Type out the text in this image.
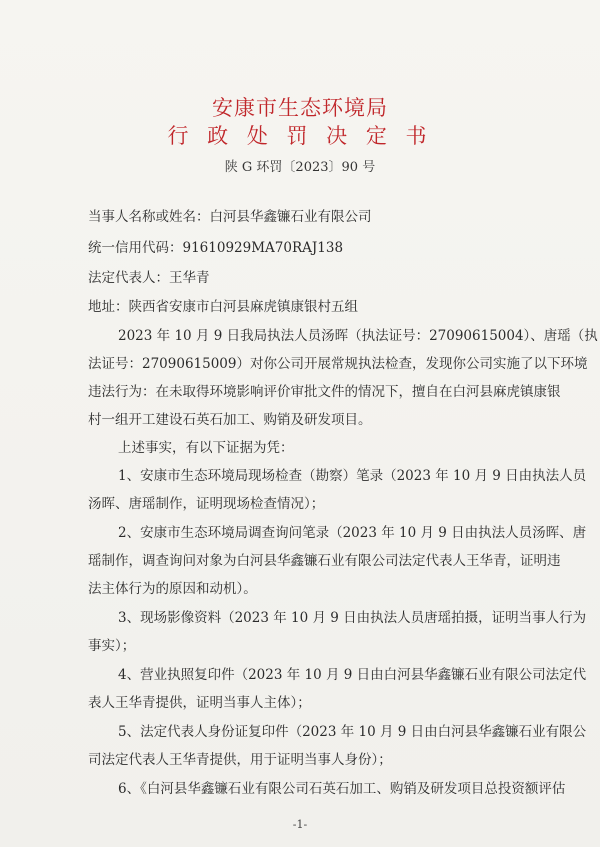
安康市生态环境局
行 政 处 罚 决 定 书
陕 G 环罚〔2023〕90 号
当事人名称或姓名：白河县华鑫镰石业有限公司
统一信用代码：91610929MA70RAJ138
法定代表人：王华青
地址：陕西省安康市白河县麻虎镇康银村五组
2023 年 10 月 9 日我局执法人员汤晖（执法证号：27090615004）、唐瑶（执
法证号：27090615009）对你公司开展常规执法检查，发现你公司实施了以下环境
违法行为：在未取得环境影响评价审批文件的情况下，擅自在白河县麻虎镇康银
村一组开工建设石英石加工、购销及研发项目。
上述事实，有以下证据为凭：
1、安康市生态环境局现场检查（勘察）笔录（2023 年 10 月 9 日由执法人员
汤晖、唐瑶制作，证明现场检查情况）；
2、安康市生态环境局调查询问笔录（2023 年 10 月 9 日由执法人员汤晖、唐
瑶制作，调查询问对象为白河县华鑫镰石业有限公司法定代表人王华青，证明违
法主体行为的原因和动机）。
3、现场影像资料（2023 年 10 月 9 日由执法人员唐瑶拍摄，证明当事人行为
事实）；
4、营业执照复印件（2023 年 10 月 9 日由白河县华鑫镰石业有限公司法定代
表人王华青提供，证明当事人主体）；
5、法定代表人身份证复印件（2023 年 10 月 9 日由白河县华鑫镰石业有限公
司法定代表人王华青提供，用于证明当事人身份）；
6、《白河县华鑫镰石业有限公司石英石加工、购销及研发项目总投资额评估
-1-
